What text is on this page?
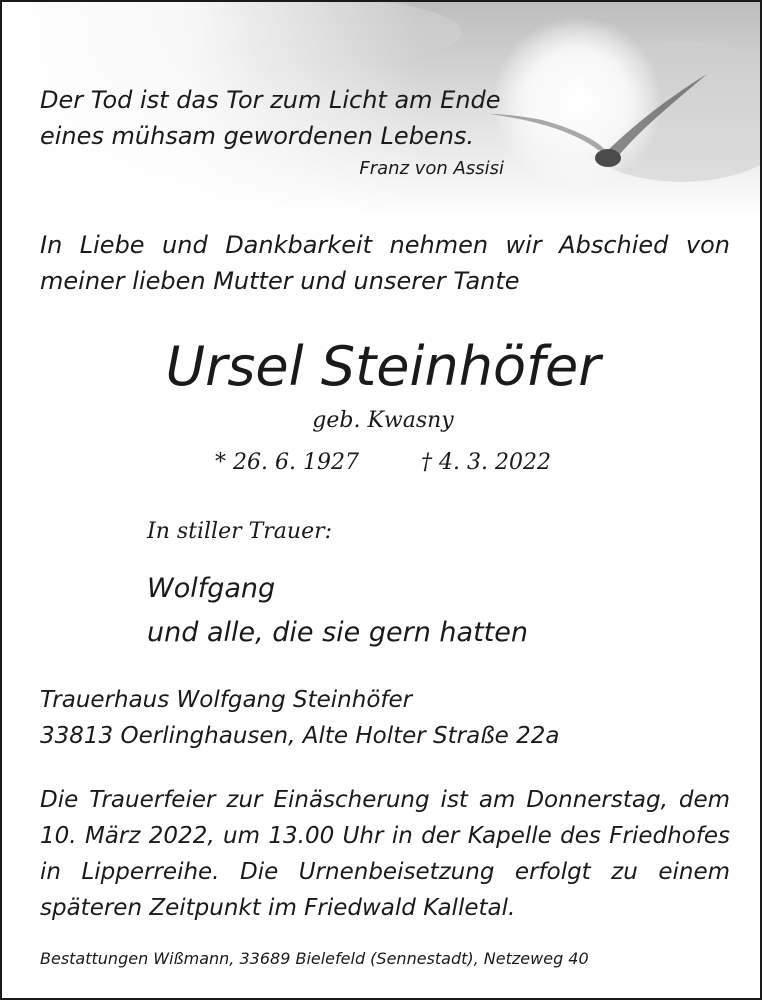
Der Tod ist das Tor zum Licht am Ende
eines mühsam gewordenen Lebens.
Franz von Assisi
In Liebe und Dankbarkeit nehmen wir Abschied von meiner lieben Mutter und unserer Tante
Ursel Steinhöfer
geb. Kwasny
* 26. 6. 1927	† 4. 3. 2022
In stiller Trauer:
Wolfgang
und alle, die sie gern hatten
Trauerhaus Wolfgang Steinhöfer
33813 Oerlinghausen, Alte Holter Straße 22a
Die Trauerfeier zur Einäscherung ist am Donnerstag, dem 10. März 2022, um 13.00 Uhr in der Kapelle des Friedhofes in Lipperreihe. Die Urnenbeisetzung erfolgt zu einem späteren Zeitpunkt im Friedwald Kalletal.
Bestattungen Wißmann, 33689 Bielefeld (Sennestadt), Netzeweg 40
